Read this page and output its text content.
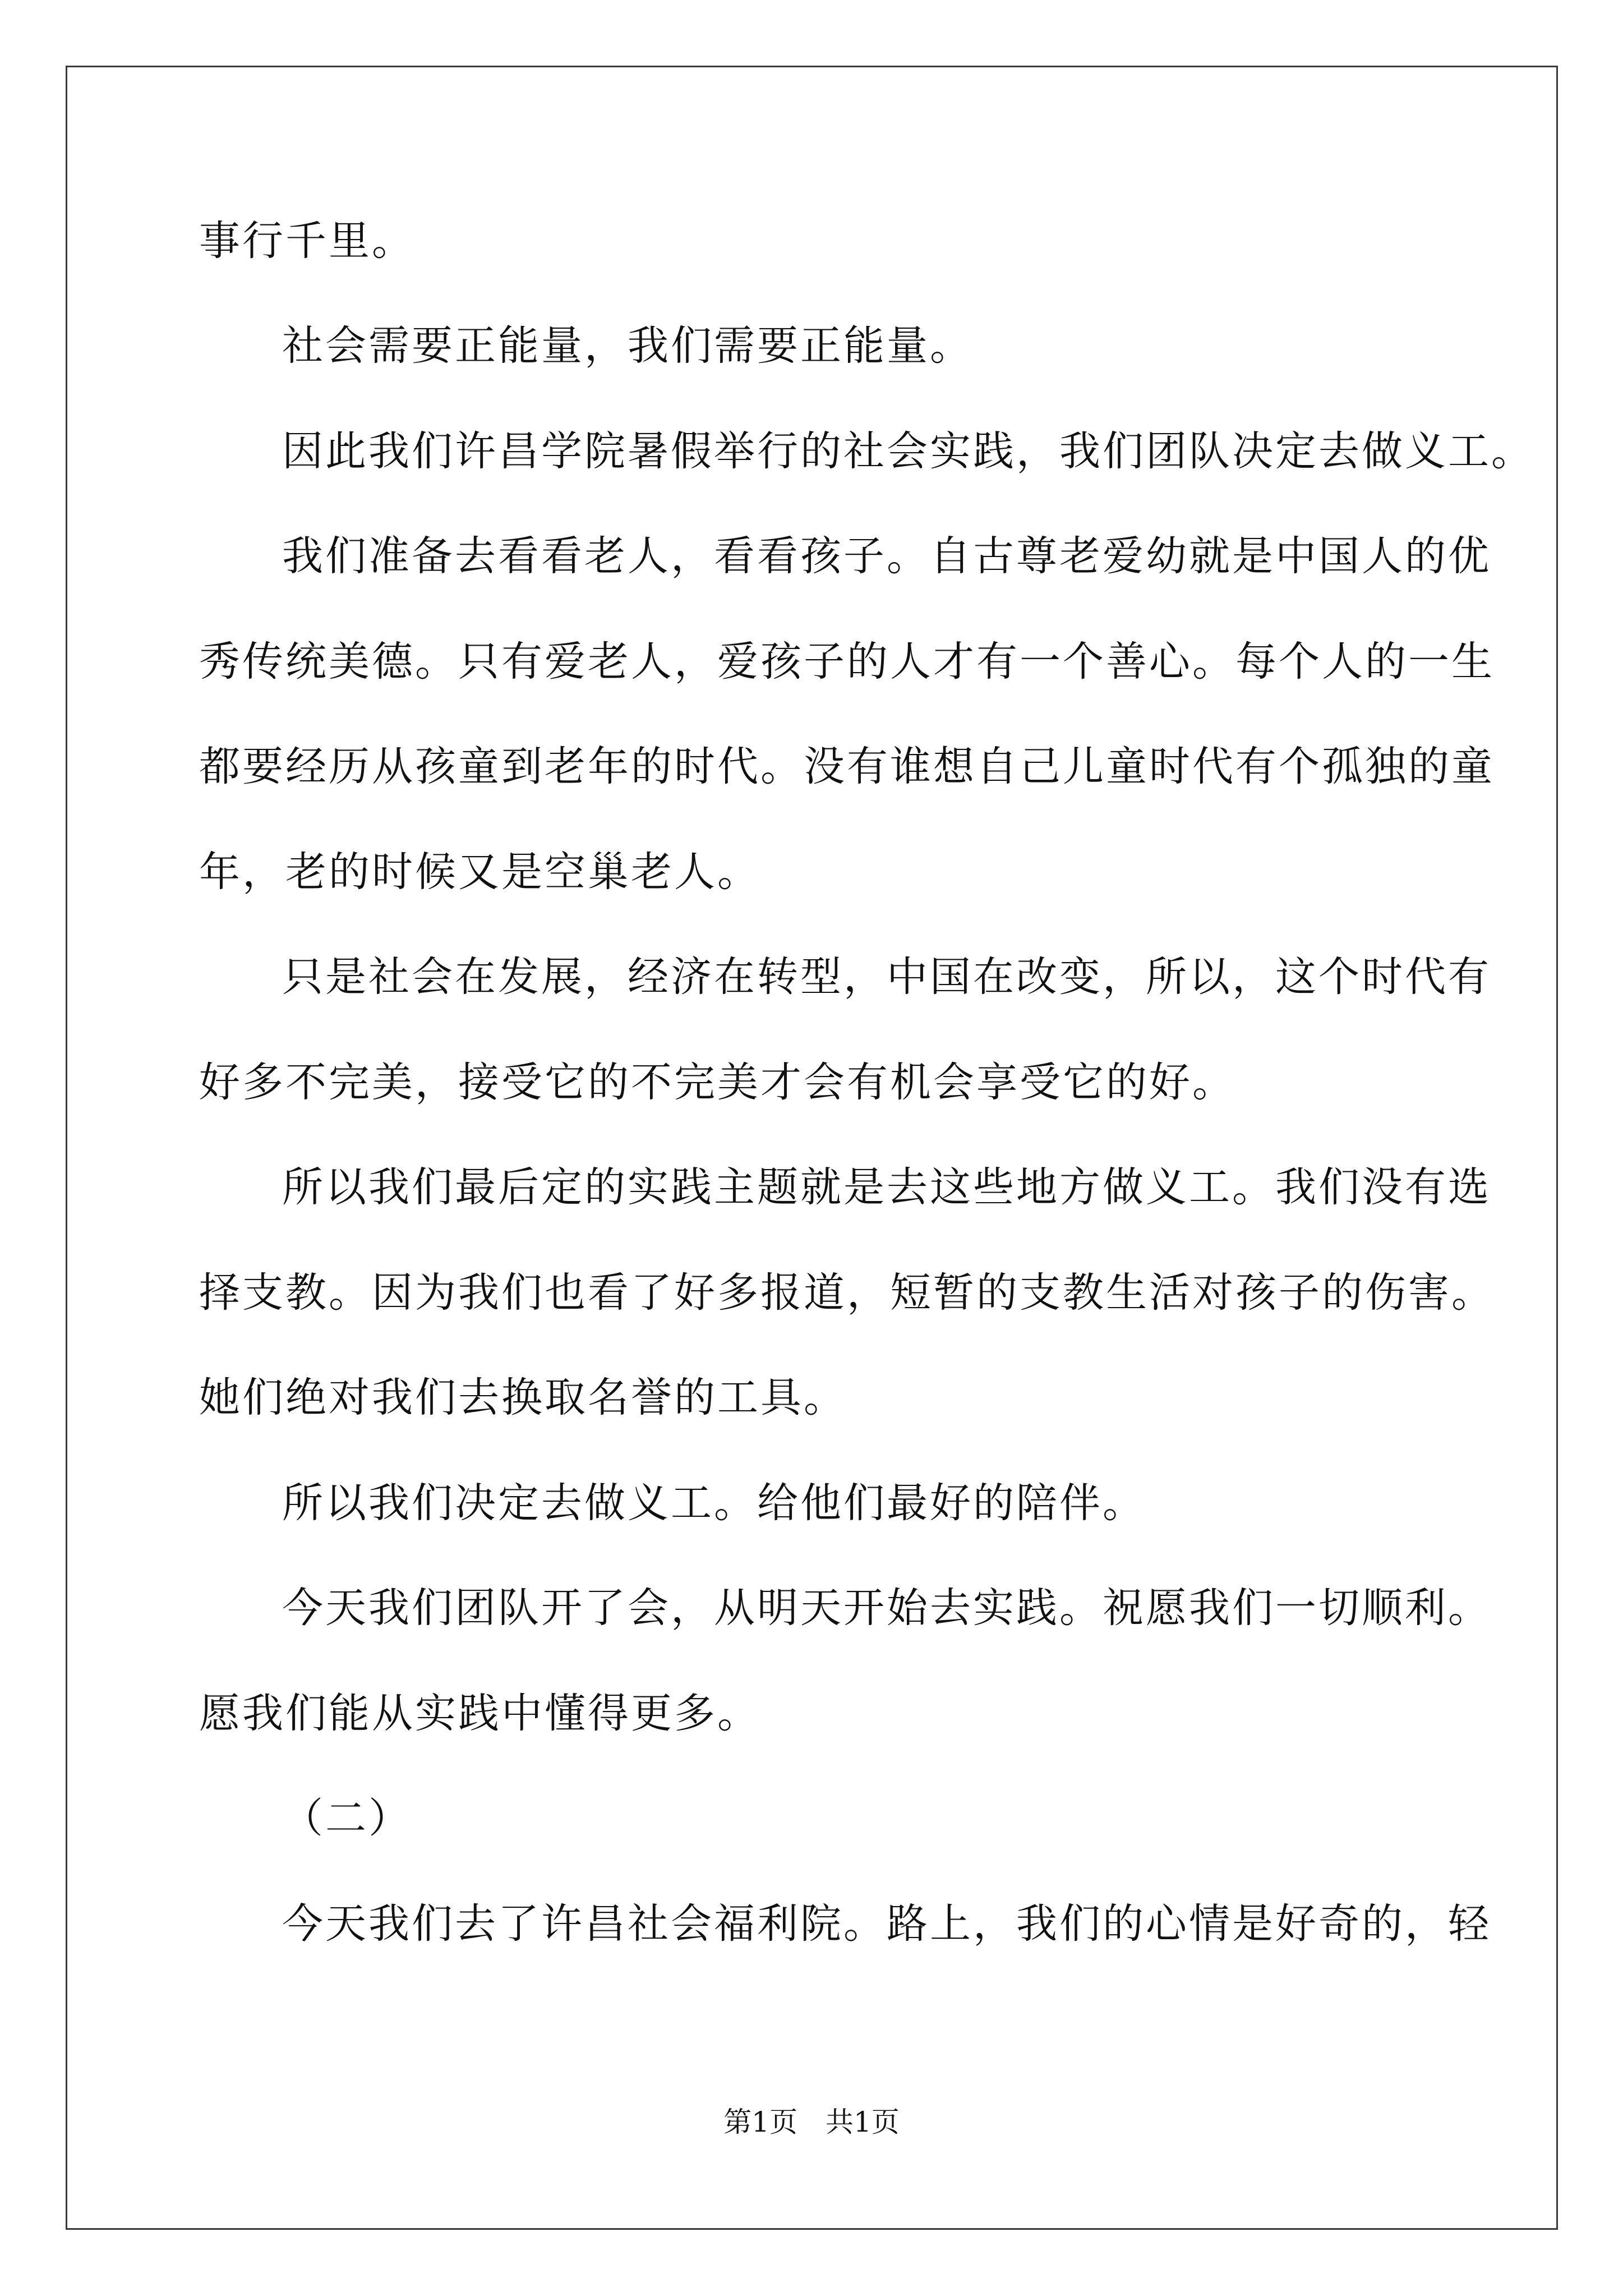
事行千里。
社会需要正能量，我们需要正能量。
因此我们许昌学院暑假举行的社会实践，我们团队决定去做义工。
我们准备去看看老人，看看孩子。自古尊老爱幼就是中国人的优
秀传统美德。只有爱老人，爱孩子的人才有一个善心。每个人的一生
都要经历从孩童到老年的时代。没有谁想自己儿童时代有个孤独的童
年，老的时候又是空巢老人。
只是社会在发展，经济在转型，中国在改变，所以，这个时代有
好多不完美，接受它的不完美才会有机会享受它的好。
所以我们最后定的实践主题就是去这些地方做义工。我们没有选
择支教。因为我们也看了好多报道，短暂的支教生活对孩子的伤害。
她们绝对我们去换取名誉的工具。
所以我们决定去做义工。给他们最好的陪伴。
今天我们团队开了会，从明天开始去实践。祝愿我们一切顺利。
愿我们能从实践中懂得更多。
（二）
今天我们去了许昌社会福利院。路上，我们的心情是好奇的，轻
第1页 共1页
